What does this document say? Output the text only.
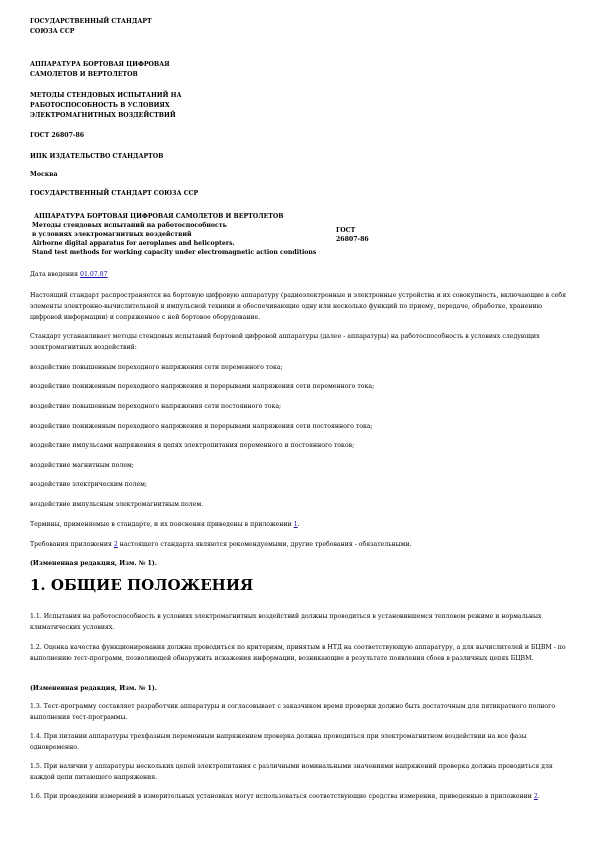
ГОСУДАРСТВЕННЫЙ СТАНДАРТ
СОЮЗА ССР
АППАРАТУРА БОРТОВАЯ ЦИФРОВАЯ
САМОЛЕТОВ И ВЕРТОЛЕТОВ
МЕТОДЫ СТЕНДОВЫХ ИСПЫТАНИЙ НА
РАБОТОСПОСОБНОСТЬ В УСЛОВИЯХ
ЭЛЕКТРОМАГНИТНЫХ ВОЗДЕЙСТВИЙ
ГОСТ 26807-86
ИПК ИЗДАТЕЛЬСТВО СТАНДАРТОВ
Москва
ГОСУДАРСТВЕННЫЙ СТАНДАРТ СОЮЗА ССР
АППАРАТУРА БОРТОВАЯ ЦИФРОВАЯ САМОЛЕТОВ И ВЕРТОЛЕТОВ
Методы стендовых испытаний на работоспособность
в условиях электромагнитных воздействий
Airborne digital apparatus for aeroplanes and helicopters.
Stand test methods for working capacity under electromagnetic action conditions
ГОСТ
26807-86
Дата введения 01.07.87
Настоящий стандарт распространяется на бортовую цифровую аппаратуру (радиоэлектронные и электронные устройства и их совокупность, включающие в себя элементы электронно-вычислительной и импульсной техники и обеспечивающие одну или несколько функций по приему, передаче, обработке, хранению цифровой информации) и сопряженное с ней бортовое оборудование.
Стандарт устанавливает методы стендовых испытаний бортовой цифровой аппаратуры (далее - аппаратуры) на работоспособность в условиях следующих электромагнитных воздействий:
воздействие повышенным переходного напряжения сети переменного тока;
воздействие пониженным переходного напряжения и перерывами напряжения сети переменного тока;
воздействие повышенным переходного напряжения сети постоянного тока;
воздействие пониженным переходного напряжения и перерывами напряжения сети постоянного тока;
воздействие импульсами напряжения в цепях электропитания переменного и постоянного токов;
воздействие магнитным полем;
воздействие электрическим полем;
воздействие импульсным электромагнитным полем.
Термины, применяемые в стандарте, и их пояснения приведены в приложении 1.
Требования приложения 2 настоящего стандарта являются рекомендуемыми, другие требования - обязательными.
(Измененная редакция, Изм. № 1).
1. ОБЩИЕ ПОЛОЖЕНИЯ
1.1. Испытания на работоспособность в условиях электромагнитных воздействий должны проводиться в установившемся тепловом режиме и нормальных климатических условиях.
1.2. Оценка качества функционирования должна проводиться по критериям, принятым в НТД на соответствующую аппаратуру, а для вычислителей и БЦВМ - по выполнению тест-программ, позволяющей обнаружить искажения информации, возникающие в результате появления сбоев в различных цепях БЦВМ.
(Измененная редакция, Изм. № 1).
1.3. Тест-программу составляет разработчик аппаратуры и согласовывает с заказчиком время проверки должно быть достаточным для пятикратного полного выполнения тест-программы.
1.4. При питании аппаратуры трехфазным переменным напряжением проверка должна проводиться при электромагнитном воздействии на все фазы одновременно.
1.5. При наличии у аппаратуры нескольких цепей электропитания с различными номинальными значениями напряжений проверка должна проводиться для каждой цепи питающего напряжения.
1.6. При проведении измерений в измерительных установках могут использоваться соответствующие средства измерения, приведенные в приложении 2.
